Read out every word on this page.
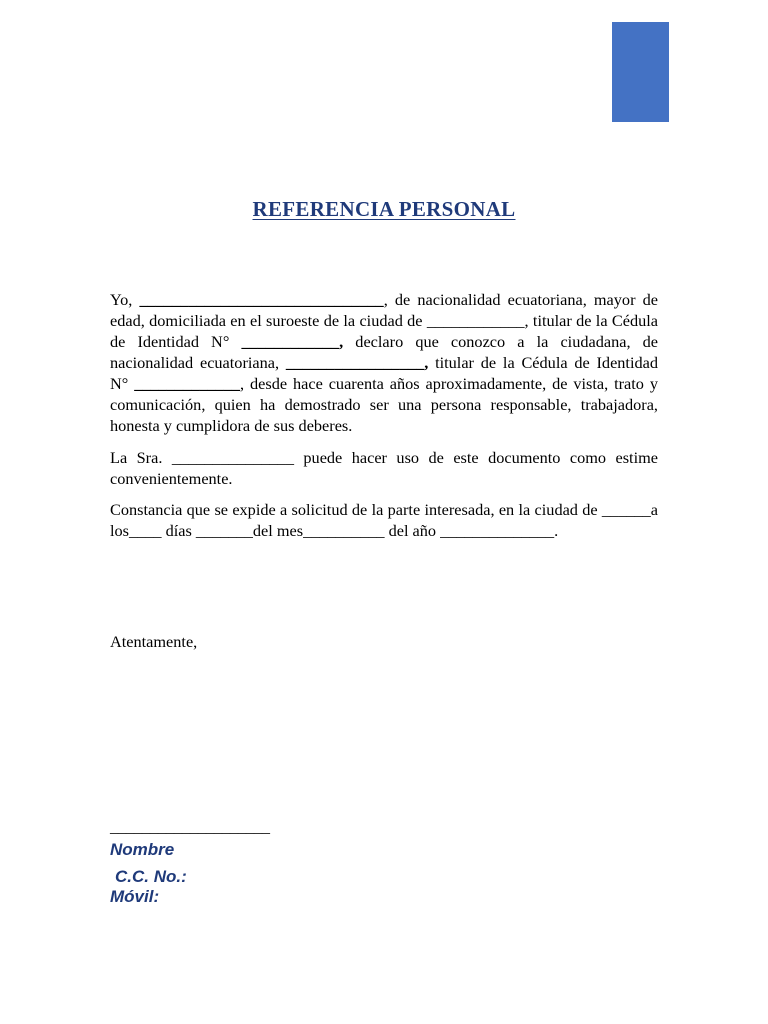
REFERENCIA PERSONAL
Yo, ______________________________, de nacionalidad ecuatoriana, mayor de edad, domiciliada en el suroeste de la ciudad de ____________, titular de la Cédula de Identidad N° ____________, declaro que conozco a la ciudadana, de nacionalidad ecuatoriana, _________________, titular de la Cédula de Identidad N° _____________, desde hace cuarenta años aproximadamente, de vista, trato y comunicación, quien ha demostrado ser una persona responsable, trabajadora, honesta y cumplidora de sus deberes.
La Sra. _______________ puede hacer uso de este documento como estime convenientemente.
Constancia que se expide a solicitud de la parte interesada, en la ciudad de ______a los____ días _______del mes__________ del año ______________.
Atentamente,
____________________
Nombre
C.C. No.:
Móvil:
